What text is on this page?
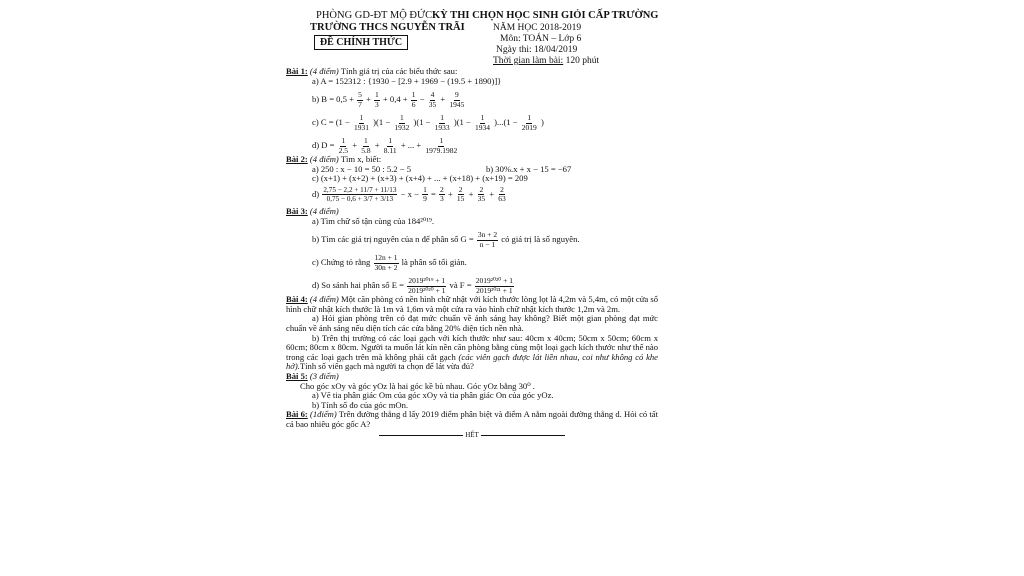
PHÒNG GD-ĐT MỘ ĐỨC
TRƯỜNG THCS NGUYỄN TRÃI
ĐỀ CHÍNH THỨC
KỲ THI CHỌN HỌC SINH GIỎI CẤP TRƯỜNG
NĂM HỌC 2018-2019
Môn: TOÁN – Lớp 6
Ngày thi: 18/04/2019
Thời gian làm bài: 120 phút
Bài 1: (4 điểm) Tính giá trị của các biểu thức sau:
a) A = 152312 : {1930 − [2.9 + 1969 − (19.5 + 1890)]}
b) $B = 0,5 + \frac{5}{7} + \frac{1}{3} + 0,4 + \frac{1}{6} - \frac{4}{35} + \frac{9}{1945}$
c) $C = (1 - \frac{1}{1931} )(1 - \frac{1}{1932} )(1 - \frac{1}{1933} )(1 - \frac{1}{1934} )...(1 - \frac{1}{2019}$ )
d) $D = \frac{1}{2.5} + \frac{1}{5.8} + \frac{1}{8.11}$ + ... + $\frac{1}{1979.1982}$
Bài 2: (4 điểm) Tìm x, biết:
a) 250 : x − 10 = 50 : 5.2 − 5	b) 30%.x + x − 15 = −67
c) (x+1) + (x+2) + (x+3) + (x+4) + ... + (x+18) + (x+19) = 209
$d) \frac{2,75 - 2,2 + 11/7 + 11/13}{0,75 - 0,6 + 3/7 + 3/13} - x - \frac{1}{9} = \frac{2}{3} + \frac{2}{15} + \frac{2}{35} + \frac{2}{63}$
Bài 3: (4 điểm)
a) Tìm chữ số tận cùng của 184²⁰¹⁹.
b) Tìm các giá trị nguyên của n để phân số $G = \frac{3n + 2}{n - 1}$ có giá trị là số nguyên.
c) Chứng tỏ rằng $\frac{12n + 1}{30n + 2}$ là phân số tối giản.
d) So sánh hai phân số $E = \frac{\text{2019²⁰¹⁹ + 1}}{\text{2019²⁰²⁰ + 1}}$ và $F = \frac{\text{2019²⁰²⁰ + 1}}{\text{2019²⁰²¹ + 1}}$
Bài 4: (4 điểm) Một căn phòng có nền hình chữ nhật với kích thước lòng lọt là 4,2m và 5,4m, có một cửa số hình chữ nhật kích thước là 1m và 1,6m và một cửa ra vào hình chữ nhật kích thước 1,2m và 2m.
a) Hỏi gian phòng trên có đạt mức chuẩn về ánh sáng hay không? Biết một gian phòng đạt mức chuẩn về ánh sáng nếu diện tích các cửa bằng 20% diện tích nền nhà.
b) Trên thị trường có các loại gạch với kích thước như sau: 40cm x 40cm; 50cm x 50cm; 60cm x 60cm; 80cm x 80cm. Người ta muốn lát kín nền căn phòng bằng cùng một loại gạch kích thước như thế nào trong các loại gạch trên mà không phải cắt gạch (các viên gạch được lát liền nhau, coi như không có khe hở).Tính số viên gạch mà người ta chọn để lát vừa đủ?
Bài 5: (3 điểm)
Cho góc xOy và góc yOz là hai góc kề bù nhau. Góc yOz bằng 30⁰ .
a) Vẽ tia phân giác Om của góc xOy và tia phân giác On của góc yOz.
b) Tính số đo của góc mOn.
Bài 6: (1điểm) Trên đường thẳng d lấy 2019 điểm phân biệt và điểm A nằm ngoài đường thẳng d. Hỏi có tất cả bao nhiêu góc gốc A?
HẾT
